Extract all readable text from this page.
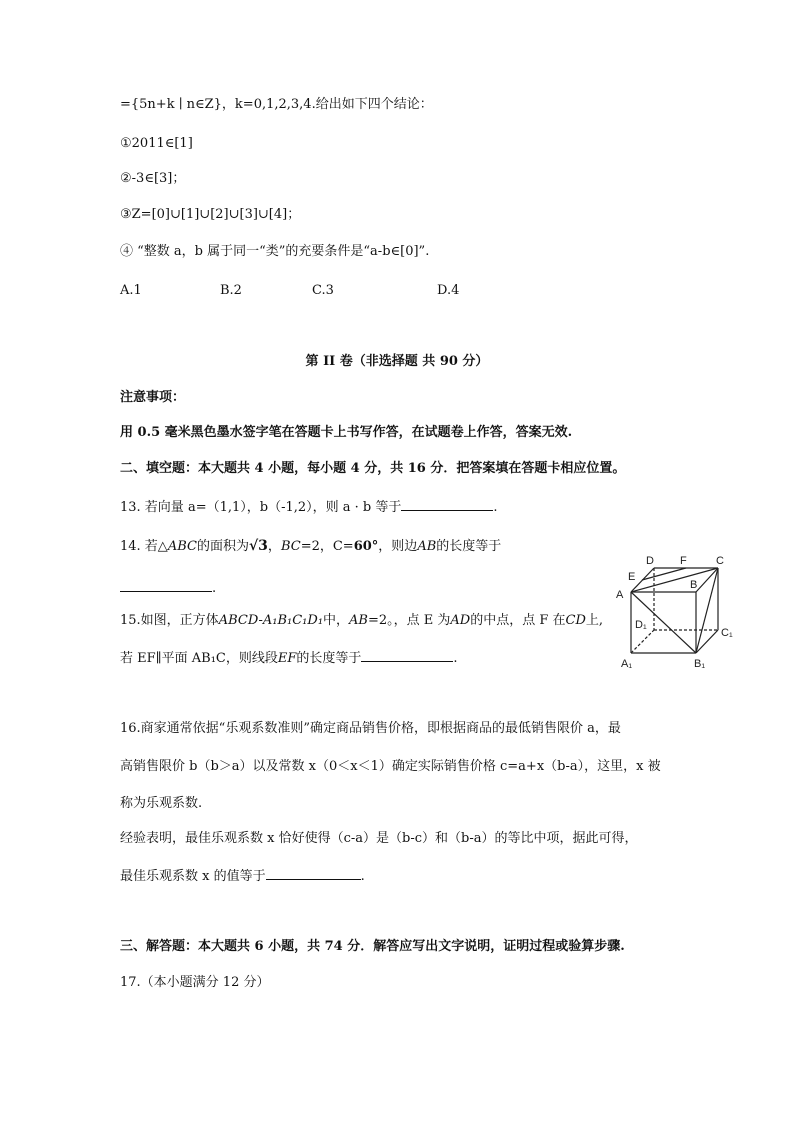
={5n+k ∣ n∈Z}，k=0,1,2,3,4.给出如下四个结论：
①2011∈[1]
②-3∈[3]；
③Z=[0]∪[1]∪[2]∪[3]∪[4]；
④ “整数 a，b 属于同一“类”的充要条件是“a-b∈[0]”.
A.1	B.2	C.3	D.4
第 II 卷（非选择题 共 90 分）
注意事项：
用 0.5 毫米黑色墨水签字笔在答题卡上书写作答，在试题卷上作答，答案无效.
二、填空题：本大题共 4 小题，每小题 4 分，共 16 分．把答案填在答题卡相应位置。
13. 若向量 a=（1,1），b（-1,2），则 a · b 等于	.
14. 若△ABC的面积为√3，BC=2，C=60°，则边AB的长度等于
.
15.如图，正方体ABCD-A₁B₁C₁D₁中，AB=2。，点 E 为AD的中点，点 F 在CD上,
若 EF∥平面 AB₁C，则线段EF的长度等于	.
D F	C
E
B
A
D₁
C₁
A₁	B₁
16.商家通常依据“乐观系数准则”确定商品销售价格，即根据商品的最低销售限价 a，最
高销售限价 b（b＞a）以及常数 x（0＜x＜1）确定实际销售价格 c=a+x（b-a），这里，x 被
称为乐观系数.
经验表明，最佳乐观系数 x 恰好使得（c-a）是（b-c）和（b-a）的等比中项，据此可得，
最佳乐观系数 x 的值等于	.
三、解答题：本大题共 6 小题，共 74 分．解答应写出文字说明，证明过程或验算步骤.
17.（本小题满分 12 分）
